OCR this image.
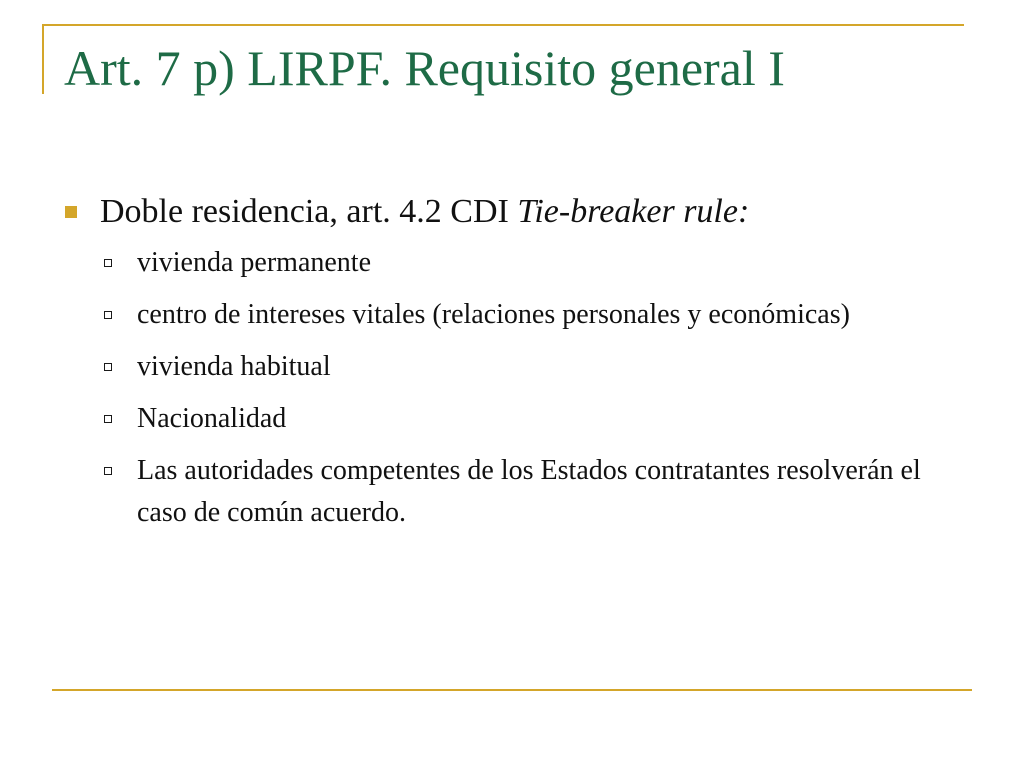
Art. 7 p) LIRPF. Requisito general I
Doble residencia, art. 4.2 CDI Tie-breaker rule:
vivienda permanente
centro de intereses vitales (relaciones personales y económicas)
vivienda habitual
Nacionalidad
Las autoridades competentes de los Estados contratantes resolverán el caso de común acuerdo.
